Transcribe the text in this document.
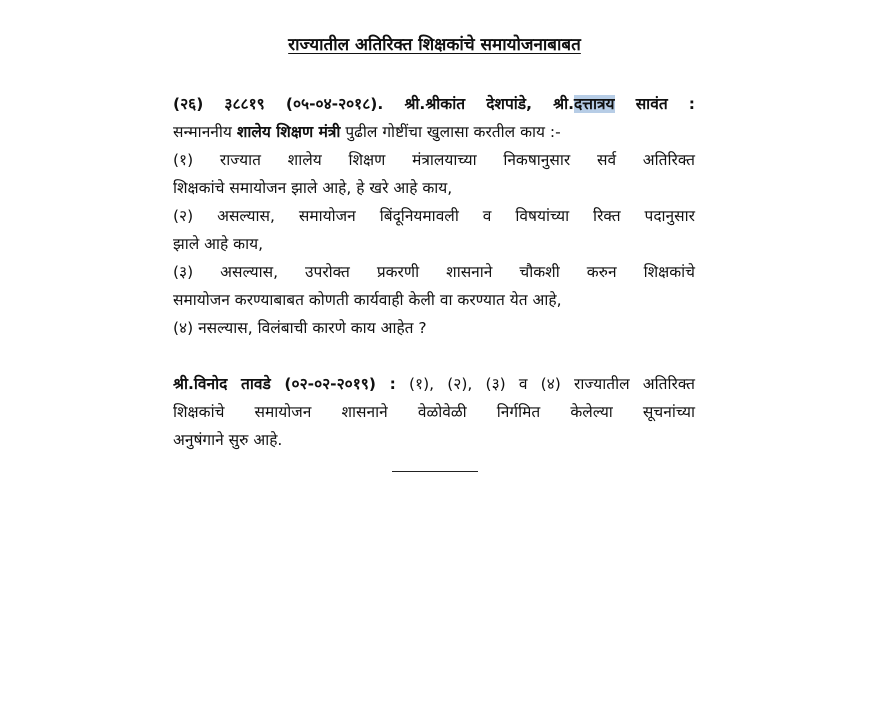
राज्यातील अतिरिक्त शिक्षकांचे समायोजनाबाबत
(२६) ३८८१९ (०५-०४-२०१८). श्री.श्रीकांत देशपांडे, श्री.दत्तात्रय सावंत :
सन्माननीय शालेय शिक्षण मंत्री पुढील गोष्टींचा खुलासा करतील काय :-
(१) राज्यात शालेय शिक्षण मंत्रालयाच्या निकषानुसार सर्व अतिरिक्त
शिक्षकांचे समायोजन झाले आहे, हे खरे आहे काय,
(२) असल्यास, समायोजन बिंदूनियमावली व विषयांच्या रिक्त पदानुसार
झाले आहे काय,
(३) असल्यास, उपरोक्त प्रकरणी शासनाने चौकशी करुन शिक्षकांचे
समायोजन करण्याबाबत कोणती कार्यवाही केली वा करण्यात येत आहे,
(४) नसल्यास, विलंबाची कारणे काय आहेत ?
श्री.विनोद तावडे (०२-०२-२०१९) : (१), (२), (३) व (४) राज्यातील अतिरिक्त
शिक्षकांचे समायोजन शासनाने वेळोवेळी निर्गमित केलेल्या सूचनांच्या
अनुषंगाने सुरु आहे.
